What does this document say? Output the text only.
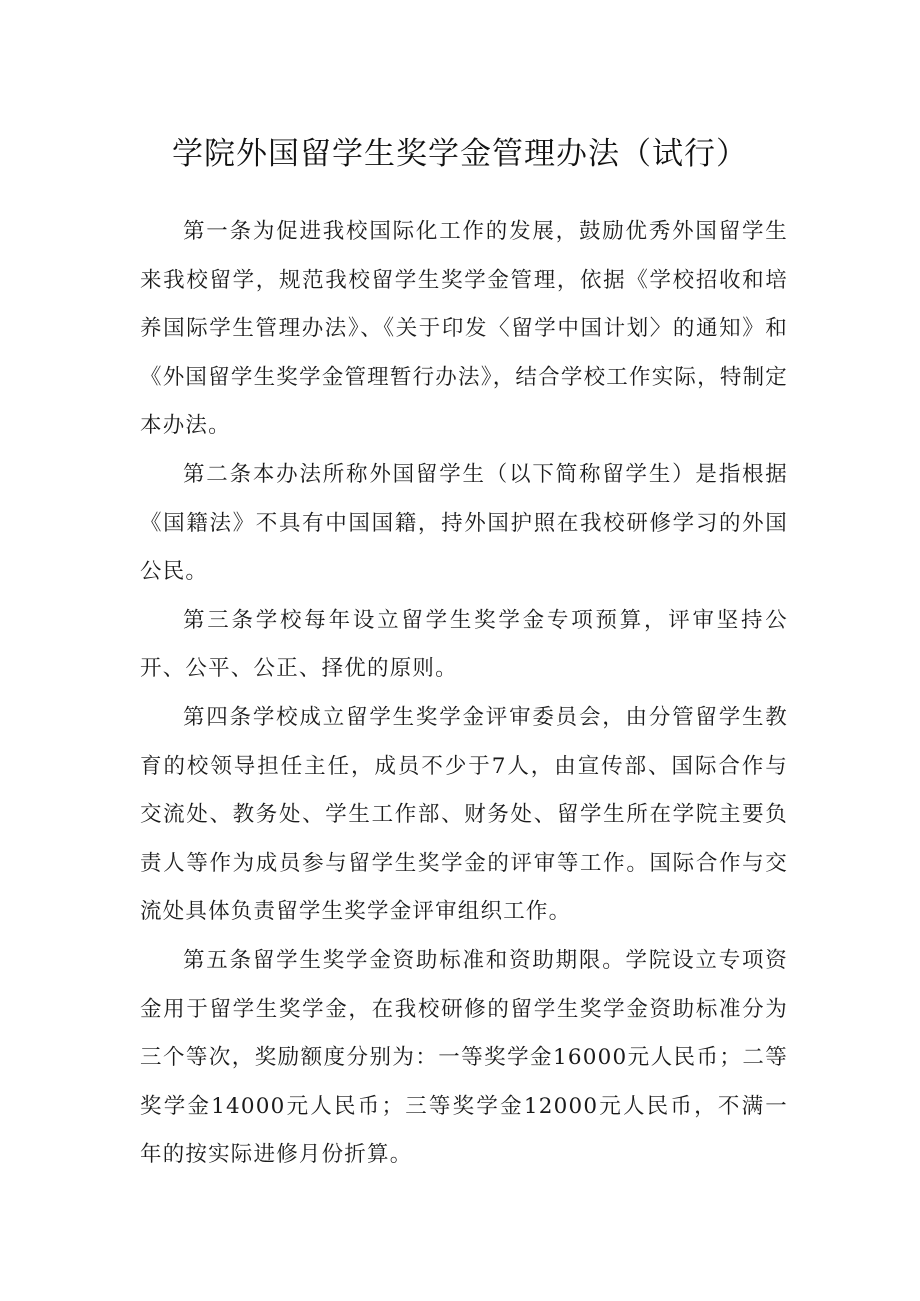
学院外国留学生奖学金管理办法（试行）

第一条为促进我校国际化工作的发展，鼓励优秀外国留学生来我校留学，规范我校留学生奖学金管理，依据《学校招收和培养国际学生管理办法》、《关于印发〈留学中国计划〉的通知》和《外国留学生奖学金管理暂行办法》，结合学校工作实际，特制定本办法。

第二条本办法所称外国留学生（以下简称留学生）是指根据《国籍法》不具有中国国籍，持外国护照在我校研修学习的外国公民。

第三条学校每年设立留学生奖学金专项预算，评审坚持公开、公平、公正、择优的原则。

第四条学校成立留学生奖学金评审委员会，由分管留学生教育的校领导担任主任，成员不少于7人，由宣传部、国际合作与交流处、教务处、学生工作部、财务处、留学生所在学院主要负责人等作为成员参与留学生奖学金的评审等工作。国际合作与交流处具体负责留学生奖学金评审组织工作。

第五条留学生奖学金资助标准和资助期限。学院设立专项资金用于留学生奖学金，在我校研修的留学生奖学金资助标准分为三个等次，奖励额度分别为：一等奖学金16000元人民币；二等奖学金14000元人民币；三等奖学金12000元人民币，不满一年的按实际进修月份折算。
